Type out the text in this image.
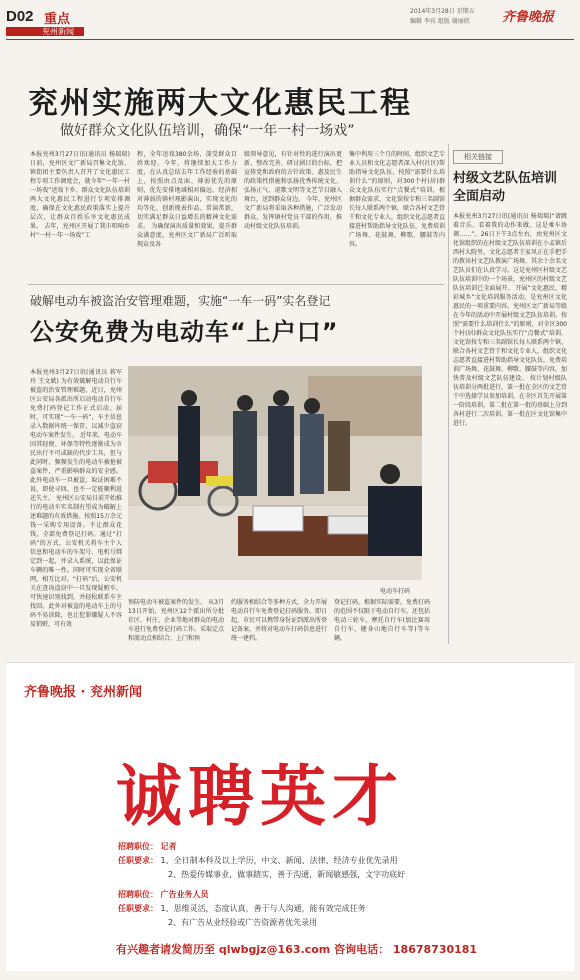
D02 重点
兖州新闻
2014年3月28日 星期五
编辑 李宾 组版 谢丽欣 齐鲁晚报
兖州实施两大文化惠民工程
做好群众文化队伍培训，确保“一年一村一场戏”
本报兖州3月27日讯(通讯员 杨瑞瑞) 日前，兖州区文广新局召集文化馆、镇街团主要负责人召开了文化惠民工程专项工作调度会，就今年“一年一村一场戏”送戏下乡、群众文化队伍培训两大文化惠民工程进行专项安排调度，确保在文化惠民政策落实上提升层次，让群众百姓乐享文化惠民成果。 去年，兖州区开展了我市唱响乡村“一村一年一场戏”工
程，全年送戏380余场，深受群众百姓欢迎。今年，将继续加大工作力度，在认真总结去年工作经验的基础上，按照由点及面、薄弱优先的原则，优先安排地域相对偏远、经济相对薄弱的镇村观影演出，实现文化的均等化、创新现表作品、常演常新，切实满足群众日益增长的精神文化需求。 为确保演出质量和效果，提升群众满意度，兖州区文广新局广泛听取现众及各
级领导意见，有针对性的进行演出更新、整改完善、研讨剧目的台标，把宣传党和政府的方针政策、惠及民生的政策性措施和弘扬优秀传统文化、弘扬正气、讴歌文明等文艺节目融入舞台，送到群众身边。 今年，兖州区文广新局将采取各种措施，广泛发动群众，发挥镇村党员干部的作用，推动村级文化队伍培训。
集中利用三个月的时间，组织文艺专业人员和文化志愿者深入村(社区)帮助指导文化队伍，按照“需要什么培训什么”的原则，对300个村(居)群众文化队伍实行“点餐式”培训，根据群众需求，文化馆按专和三名副馆长每人联系两个镇，联合各村文艺骨干和文化专业人，组织文化志愿者直接进村帮助指导文化队伍，免费培训广场舞、花鼓舞、柳歌、腰鼓等内容。
相关链接
村级文艺队伍培训全面启动
本报兖州3月27日讯(通讯员 杨瑞瑞)“请跳着音乐、看着我的动作来做，这是乘车协调……”。26日下午3点左右，由兖州区文化馆组织的在村级文艺队伍培训在小孟镇后西村大院里，文化志愿者王家凤正在手把手的教该村文艺队教演广场舞，其余十余名文艺队员们在认真学习。这是兖州区村级文艺队伍培训中的一个场景，兖州区的村级文艺队伍培训已全面展开。 开展“文化惠民、精彩城乡”文化培训服务活动，是兖州区文化惠民的一项重要内容。兖州区文广新局等级在今年的活动中开展村级文艺队伍培训。按照“需要什么培训什么”的原则，对全区300个村(居)群众文化队伍实行“点餐式”培训，文化馆按专和三名副馆长每人联系两个镇，联合各村文艺骨干和文化专业人，组织文化志愿者直接进村帮助指导文化队伍，免费培训广场舞、花鼓舞、柳歌、腰鼓等内容，加快普及村级文艺队伍建设。 按计划村级队伍培训分两批进行，第一批在全区的文艺骨干中选择学员参加培训，在全区首先开展第一阶段培训，第二批在第一批的基础上分到各村进行二次培训。第一批在区文化馆集中进行。
破解电动车被盗治安管理难题，实施“一车一码”实名登记
公安免费为电动车“上户口”
本报兖州3月27日讯(通讯员 蒋军玲 王文斌) 为有效破解电动自行车被盗的治安管理难题，近日，兖州区公安局各派出所启动电动自行车免费打码登记工作正式启动，届时，可实现“一车一码”，车主信息录入数据库统一保存，以减少盗窃电动车案件发生。 近年来，电动车因其轻便、环保等特性逐渐成为市民出行不可或缺的代步工具，但与此同时，频频发生的电动车被抢被盗案件，严重影响群众的安全感。此外电动车一旦被盗，取证困难不说，即使寻回，也不一定能顺利返还失主。 兖州区公安局目前开始推行的电动车实名制有望成为破解上述难题的有效措施。按照15万余元钱一采购专用设备，不让群众花钱，全部免费登记打码。通过“打码”的方式，公安机关将车主个人信息和电动车的车架号、电机号绑定到一起，并录入系统，以此保证车辆的唯一性。同时可实现全省联网，相互比对。“打码”后，公安机关在查询盗窃中一旦发现疑赃车，可快速识别找到，并轻松联系车主找回。此外对被盗的电动车上的号码不易涂除，也让犯罪嫌疑人不容易销赃，可有效
电动车打码
预防电动车被盗案件的发生。 从3月13日开始，兖州区12个派出所分批社区、村庄、企业等地对群众的电动车进行免费登记打码工作。采取定点和流动点相结合，上门和预
约服务相结合等多种方式，全力开展电动自行车免费登记打码服务。即日起，市民可以携带身份证到派出所登记备案，并将对电动车打码信息进行统一建档。
登记打码，根据实际需要，免费打码的范围不仅限于电动自行车，还包括电动三轮车，摩托自行车(加比赛用自行车，健身山地自行车等)等车辆。
齐鲁晚报 · 兖州新闻
诚聘英才
招聘职位： 记者
任职要求： 1、全日制本科及以上学历，中文、新闻、法律、经济专业优先录用
2、热爱传媒事业，做事踏实，善于沟通，新闻敏感强，文字功底好
招聘职位： 广告业务人员
任职要求： 1、思维灵活，态度认真，善于与人沟通，能有效完成任务
2、有广告从业经验或广告资源者优先录用
有兴趣者请发简历至 qlwbgjz@163.com 咨询电话： 18678730181
